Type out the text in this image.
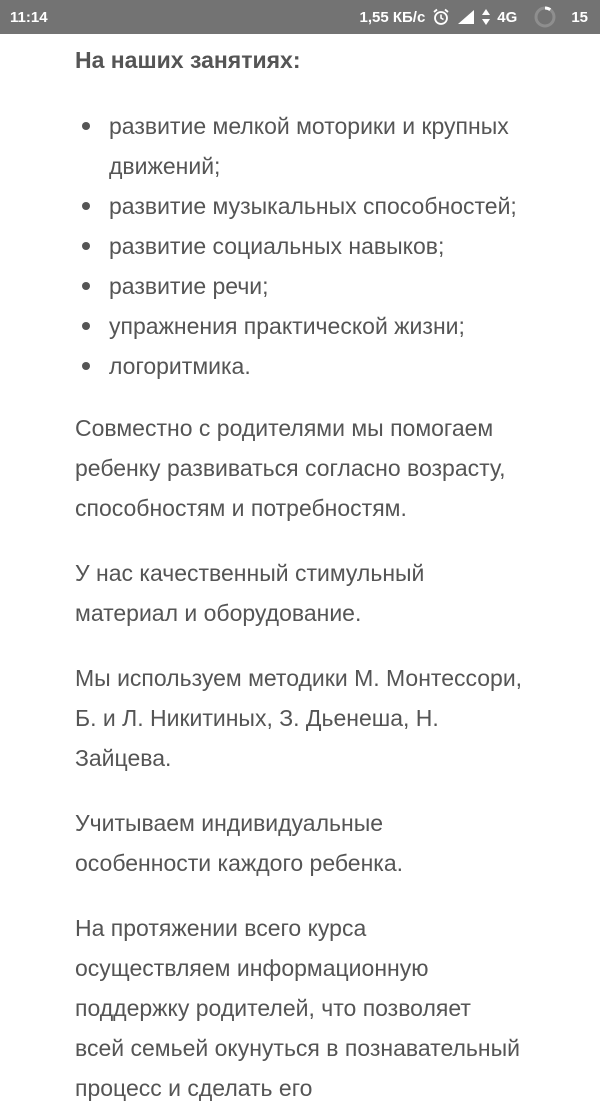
11:14	1,55 КБ/с	4G	15
На наших занятиях:
развитие мелкой моторики и крупных движений;
развитие музыкальных способностей;
развитие социальных навыков;
развитие речи;
упражнения практической жизни;
логоритмика.

Совместно с родителями мы помогаем ребенку развиваться согласно возрасту, способностям и потребностям.

У нас качественный стимульный материал и оборудование.

Мы используем методики М. Монтессори, Б. и Л. Никитиных, З. Дьенеша, Н. Зайцева.

Учитываем индивидуальные особенности каждого ребенка.

На протяжении всего курса осуществляем информационную поддержку родителей, что позволяет всей семьей окунуться в познавательный процесс и сделать его
